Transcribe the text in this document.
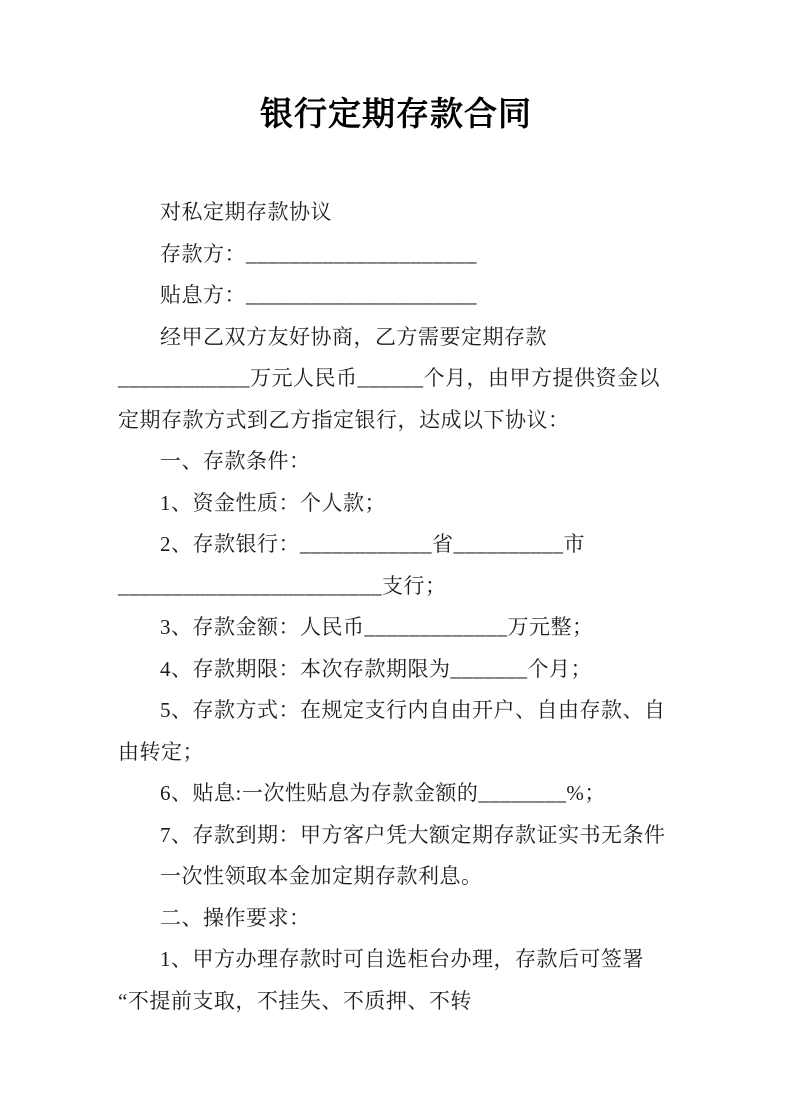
银行定期存款合同
对私定期存款协议
存款方：_____________________
贴息方：_____________________
经甲乙双方友好协商，乙方需要定期存款
____________万元人民币______个月，由甲方提供资金以
定期存款方式到乙方指定银行，达成以下协议：
一、存款条件：
1、资金性质：个人款；
2、存款银行：____________省__________市
________________________支行；
3、存款金额：人民币_____________万元整；
4、存款期限：本次存款期限为_______个月；
5、存款方式：在规定支行内自由开户、自由存款、自
由转定；
6、贴息:一次性贴息为存款金额的________%；
7、存款到期：甲方客户凭大额定期存款证实书无条件
一次性领取本金加定期存款利息。
二、操作要求：
1、甲方办理存款时可自选柜台办理，存款后可签署
“不提前支取，不挂失、不质押、不转
